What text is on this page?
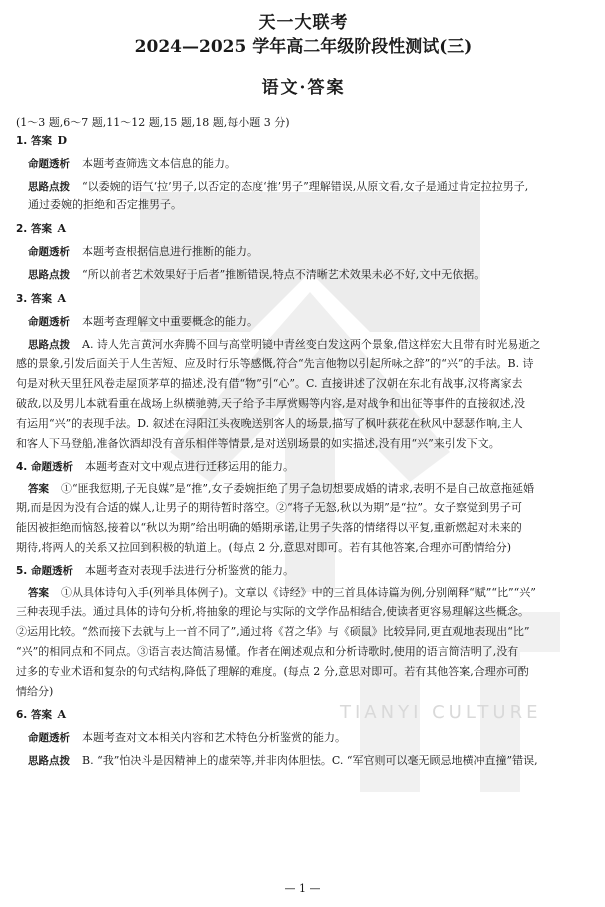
TIANYI CULTURE
天一大联考
2024—2025 学年高二年级阶段性测试(三)
语文·答案
(1～3 题,6～7 题,11～12 题,15 题,18 题,每小题 3 分)
1. 答案 D
命题透析 本题考查筛选文本信息的能力。
思路点拨 “以委婉的语气‘拉’男子,以否定的态度‘推’男子”理解错误,从原文看,女子是通过肯定拉拉男子,
通过委婉的拒绝和否定推男子。
2. 答案 A
命题透析 本题考查根据信息进行推断的能力。
思路点拨 “所以前者艺术效果好于后者”推断错误,特点不清晰艺术效果未必不好,文中无依据。
3. 答案 A
命题透析 本题考查理解文中重要概念的能力。
思路点拨 A. 诗人先言黄河水奔腾不回与高堂明镜中青丝变白发这两个景象,借这样宏大且带有时光易逝之
感的景象,引发后面关于人生苦短、应及时行乐等感慨,符合“先言他物以引起所咏之辞”的“兴”的手法。B. 诗
句是对秋天里狂风卷走屋顶茅草的描述,没有借“物”引“心”。C. 直接讲述了汉朝在东北有战事,汉将离家去
破敌,以及男儿本就看重在战场上纵横驰骋,天子给予丰厚赏赐等内容,是对战争和出征等事件的直接叙述,没
有运用“兴”的表现手法。D. 叙述在浔阳江头夜晚送别客人的场景,描写了枫叶荻花在秋风中瑟瑟作响,主人
和客人下马登船,准备饮酒却没有音乐相伴等情景,是对送别场景的如实描述,没有用“兴”来引发下文。
4. 命题透析 本题考查对文中观点进行迁移运用的能力。
答案 ①“匪我愆期,子无良媒”是“推”,女子委婉拒绝了男子急切想要成婚的请求,表明不是自己故意拖延婚
期,而是因为没有合适的媒人,让男子的期待暂时落空。②“将子无怒,秋以为期”是“拉”。女子察觉到男子可
能因被拒绝而恼怒,接着以“秋以为期”给出明确的婚期承诺,让男子失落的情绪得以平复,重新燃起对未来的
期待,将两人的关系又拉回到积极的轨道上。(每点 2 分,意思对即可。若有其他答案,合理亦可酌情给分)
5. 命题透析 本题考查对表现手法进行分析鉴赏的能力。
答案 ①从具体诗句入手(列举具体例子)。文章以《诗经》中的三首具体诗篇为例,分别阐释“赋”“比”“兴”
三种表现手法。通过具体的诗句分析,将抽象的理论与实际的文学作品相结合,使读者更容易理解这些概念。
②运用比较。“然而接下去就与上一首不同了”,通过将《苕之华》与《硕鼠》比较异同,更直观地表现出“比”
“兴”的相同点和不同点。③语言表达简洁易懂。作者在阐述观点和分析诗歌时,使用的语言简洁明了,没有
过多的专业术语和复杂的句式结构,降低了理解的难度。(每点 2 分,意思对即可。若有其他答案,合理亦可酌
情给分)
6. 答案 A
命题透析 本题考查对文本相关内容和艺术特色分析鉴赏的能力。
思路点拨 B. “我”怕决斗是因精神上的虚荣等,并非肉体胆怯。C. “军官则可以毫无顾忌地横冲直撞”错误,
— 1 —
